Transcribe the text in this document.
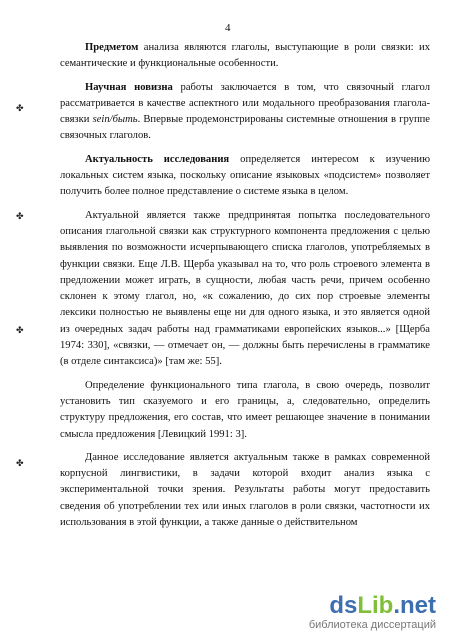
4
✤
✤
✤
✤

Предметом анализа являются глаголы, выступающие в роли связки: их семантические и функциональные особенности.

Научная новизна работы заключается в том, что связочный глагол рассматривается в качестве аспектного или модального преобразования глагола-связки sein/быть. Впервые продемонстрированы системные отношения в группе связочных глаголов.

Актуальность исследования определяется интересом к изучению локальных систем языка, поскольку описание языковых «подсистем» позволяет получить более полное представление о системе языка в целом.

Актуальной является также предпринятая попытка последовательного описания глагольной связки как структурного компонента предложения с целью выявления по возможности исчерпывающего списка глаголов, употребляемых в функции связки. Еще Л.В. Щерба указывал на то, что роль строевого элемента в предложении может играть, в сущности, любая часть речи, причем особенно склонен к этому глагол, но, «к сожалению, до сих пор строевые элементы лексики полностью не выявлены еще ни для одного языка, и это является одной из очередных задач работы над грамматиками европейских языков...» [Щерба 1974: 330], «связки, — отмечает он, — должны быть перечислены в грамматике (в отделе синтаксиса)» [там же: 55].

Определение функционального типа глагола, в свою очередь, позволит установить тип сказуемого и его границы, а, следовательно, определить структуру предложения, его состав, что имеет решающее значение в понимании смысла предложения [Левицкий 1991: 3].

Данное исследование является актуальным также в рамках современной корпусной лингвистики, в задачи которой входит анализ языка с экспериментальной точки зрения. Результаты работы могут предоставить сведения об употреблении тех или иных глаголов в роли связки, частотности их использования в этой функции, а также данные о действительном

dsLib.net
библиотека диссертаций
